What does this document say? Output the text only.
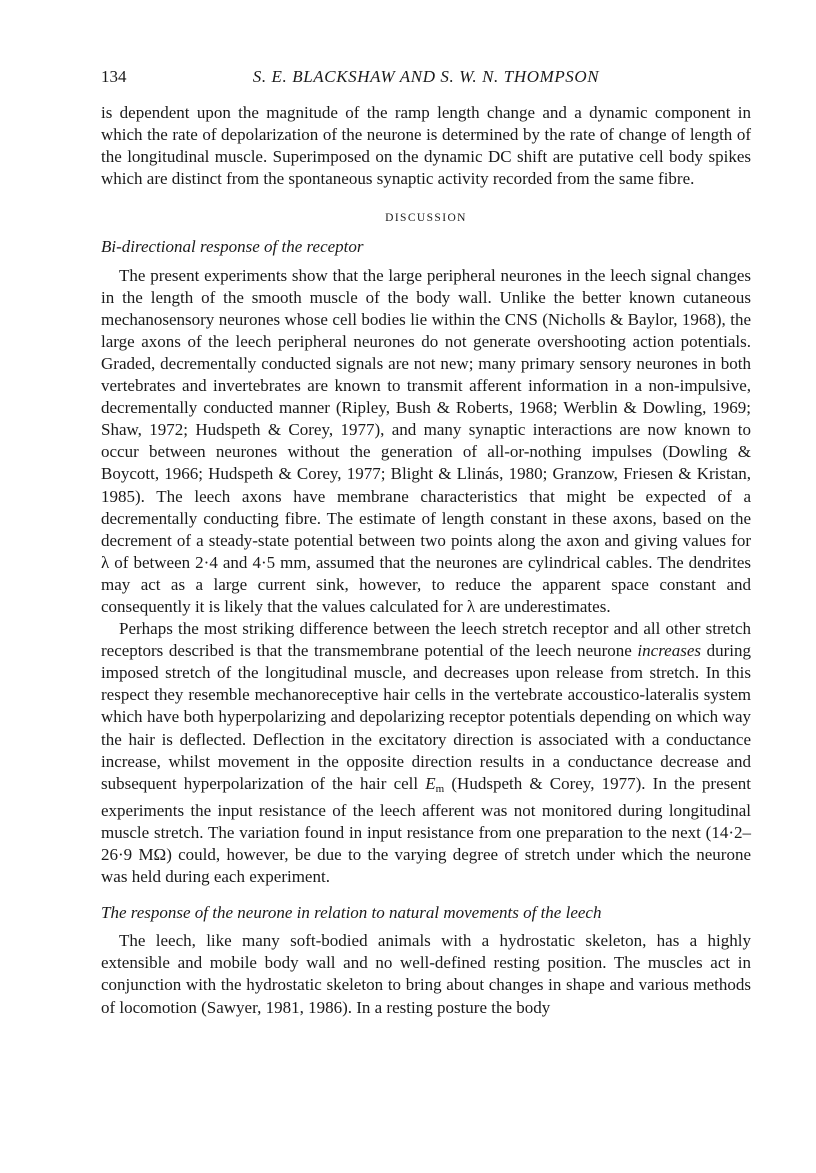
134	S. E. BLACKSHAW AND S. W. N. THOMPSON

is dependent upon the magnitude of the ramp length change and a dynamic component in which the rate of depolarization of the neurone is determined by the rate of change of length of the longitudinal muscle. Superimposed on the dynamic DC shift are putative cell body spikes which are distinct from the spontaneous synaptic activity recorded from the same fibre.

DISCUSSION
Bi-directional response of the receptor

The present experiments show that the large peripheral neurones in the leech signal changes in the length of the smooth muscle of the body wall. Unlike the better known cutaneous mechanosensory neurones whose cell bodies lie within the CNS (Nicholls & Baylor, 1968), the large axons of the leech peripheral neurones do not generate overshooting action potentials. Graded, decrementally conducted signals are not new; many primary sensory neurones in both vertebrates and invertebrates are known to transmit afferent information in a non-impulsive, decrementally conducted manner (Ripley, Bush & Roberts, 1968; Werblin & Dowling, 1969; Shaw, 1972; Hudspeth & Corey, 1977), and many synaptic interactions are now known to occur between neurones without the generation of all-or-nothing impulses (Dowling & Boycott, 1966; Hudspeth & Corey, 1977; Blight & Llinás, 1980; Granzow, Friesen & Kristan, 1985). The leech axons have membrane characteristics that might be expected of a decrementally conducting fibre. The estimate of length constant in these axons, based on the decrement of a steady-state potential between two points along the axon and giving values for λ of between 2·4 and 4·5 mm, assumed that the neurones are cylindrical cables. The dendrites may act as a large current sink, however, to reduce the apparent space constant and consequently it is likely that the values calculated for λ are underestimates.

Perhaps the most striking difference between the leech stretch receptor and all other stretch receptors described is that the transmembrane potential of the leech neurone increases during imposed stretch of the longitudinal muscle, and decreases upon release from stretch. In this respect they resemble mechanoreceptive hair cells in the vertebrate accoustico-lateralis system which have both hyperpolarizing and depolarizing receptor potentials depending on which way the hair is deflected. Deflection in the excitatory direction is associated with a conductance increase, whilst movement in the opposite direction results in a conductance decrease and subsequent hyperpolarization of the hair cell $E_m$ (Hudspeth & Corey, 1977). In the present experiments the input resistance of the leech afferent was not monitored during longitudinal muscle stretch. The variation found in input resistance from one preparation to the next (14·2–26·9 MΩ) could, however, be due to the varying degree of stretch under which the neurone was held during each experiment.

The response of the neurone in relation to natural movements of the leech

The leech, like many soft-bodied animals with a hydrostatic skeleton, has a highly extensible and mobile body wall and no well-defined resting position. The muscles act in conjunction with the hydrostatic skeleton to bring about changes in shape and various methods of locomotion (Sawyer, 1981, 1986). In a resting posture the body
